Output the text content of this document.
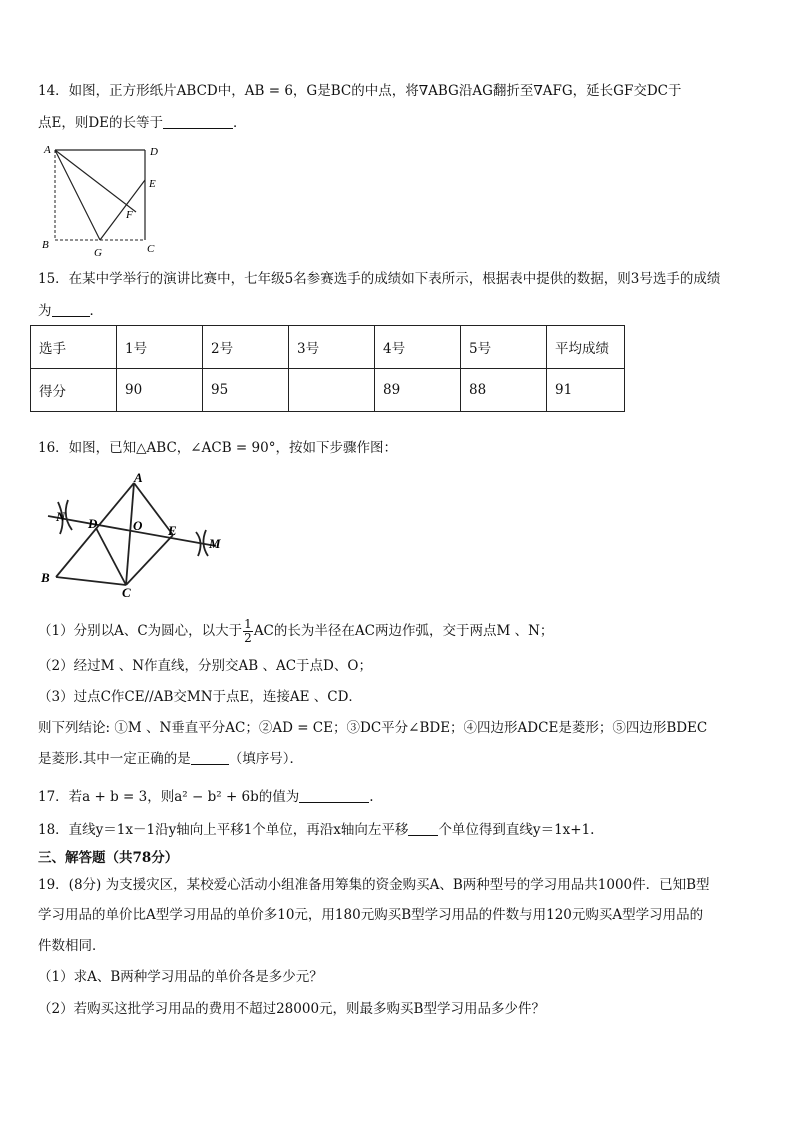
14．如图，正方形纸片ABCD中，AB = 6，G是BC的中点，将∇ABG沿AG翻折至∇AFG，延长GF交DC于
点E，则DE的长等于	．
A	D
E
F
B
G	C
15．在某中学举行的演讲比赛中，七年级5名参赛选手的成绩如下表所示，根据表中提供的数据，则3号选手的成绩
为	．
选手	1号	2号	3号	4号	5号	平均成绩
得分	90	95		89	88	91
16．如图，已知△ABC，∠ACB = 90°，按如下步骤作图：
A
N D	O E
M
B
C
（1）分别以A、C为圆心，以大于 $\frac{1}{2}$ AC的长为半径在AC两边作弧，交于两点M 、N；
（2）经过M 、N作直线，分别交AB 、AC于点D、O；
（3）过点C作CE//AB交MN于点E，连接AE 、CD．
则下列结论: ①M 、N垂直平分AC；②AD = CE；③DC平分∠BDE；④四边形ADCE是菱形；⑤四边形BDEC
是菱形.其中一定正确的是	（填序号）．
17．若a + b = 3，则a² − b² + 6b的值为	.
18．直线y＝1x－1沿y轴向上平移1个单位，再沿x轴向左平移 个单位得到直线y＝1x+1.
三、解答题（共78分）
19．(8分) 为支援灾区，某校爱心活动小组准备用筹集的资金购买A、B两种型号的学习用品共1000件．已知B型
学习用品的单价比A型学习用品的单价多10元，用180元购买B型学习用品的件数与用120元购买A型学习用品的
件数相同．
（1）求A、B两种学习用品的单价各是多少元？
（2）若购买这批学习用品的费用不超过28000元，则最多购买B型学习用品多少件？
